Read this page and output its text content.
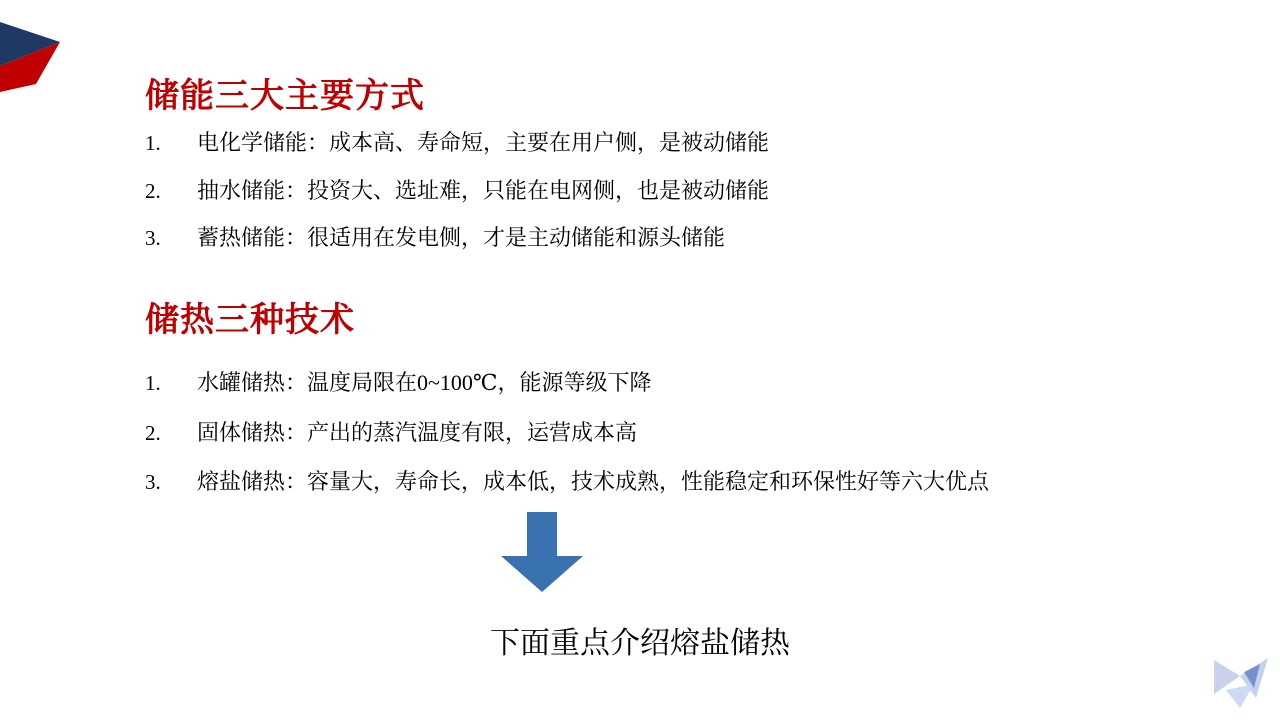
储能三大主要方式
1.	电化学储能：成本高、寿命短，主要在用户侧，是被动储能
2.	抽水储能：投资大、选址难，只能在电网侧，也是被动储能
3.	蓄热储能：很适用在发电侧，才是主动储能和源头储能
储热三种技术
1.	水罐储热：温度局限在0~100℃，能源等级下降
2.	固体储热：产出的蒸汽温度有限，运营成本高
3.	熔盐储热：容量大，寿命长，成本低，技术成熟，性能稳定和环保性好等六大优点
下面重点介绍熔盐储热
